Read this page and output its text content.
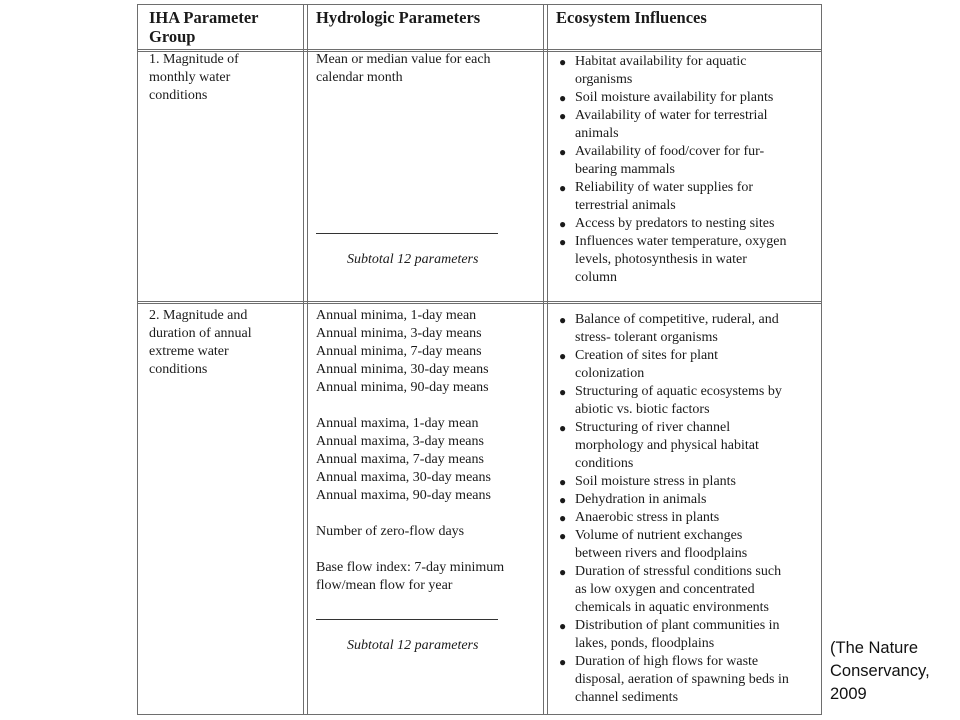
IHA Parameter
Group
Hydrologic Parameters	Ecosystem Influences
1. Magnitude of
monthly water
conditions
Mean or median value for each
calendar month
Subtotal 12 parameters
● Habitat availability for aquatic
organisms
● Soil moisture availability for plants
● Availability of water for terrestrial
animals
● Availability of food/cover for fur-
bearing mammals
● Reliability of water supplies for
terrestrial animals
● Access by predators to nesting sites
● Influences water temperature, oxygen
levels, photosynthesis in water
column
2. Magnitude and
duration of annual
extreme water
conditions
Annual minima, 1-day mean
Annual minima, 3-day means
Annual minima, 7-day means
Annual minima, 30-day means
Annual minima, 90-day means
Annual maxima, 1-day mean
Annual maxima, 3-day means
Annual maxima, 7-day means
Annual maxima, 30-day means
Annual maxima, 90-day means
Number of zero-flow days
Base flow index: 7-day minimum
flow/mean flow for year
Subtotal 12 parameters
● Balance of competitive, ruderal, and
stress- tolerant organisms
● Creation of sites for plant
colonization
● Structuring of aquatic ecosystems by
abiotic vs. biotic factors
● Structuring of river channel
morphology and physical habitat
conditions
● Soil moisture stress in plants
● Dehydration in animals
● Anaerobic stress in plants
● Volume of nutrient exchanges
between rivers and floodplains
● Duration of stressful conditions such
as low oxygen and concentrated
chemicals in aquatic environments
● Distribution of plant communities in
lakes, ponds, floodplains
● Duration of high flows for waste
disposal, aeration of spawning beds in
channel sediments
(The Nature
Conservancy,
2009
